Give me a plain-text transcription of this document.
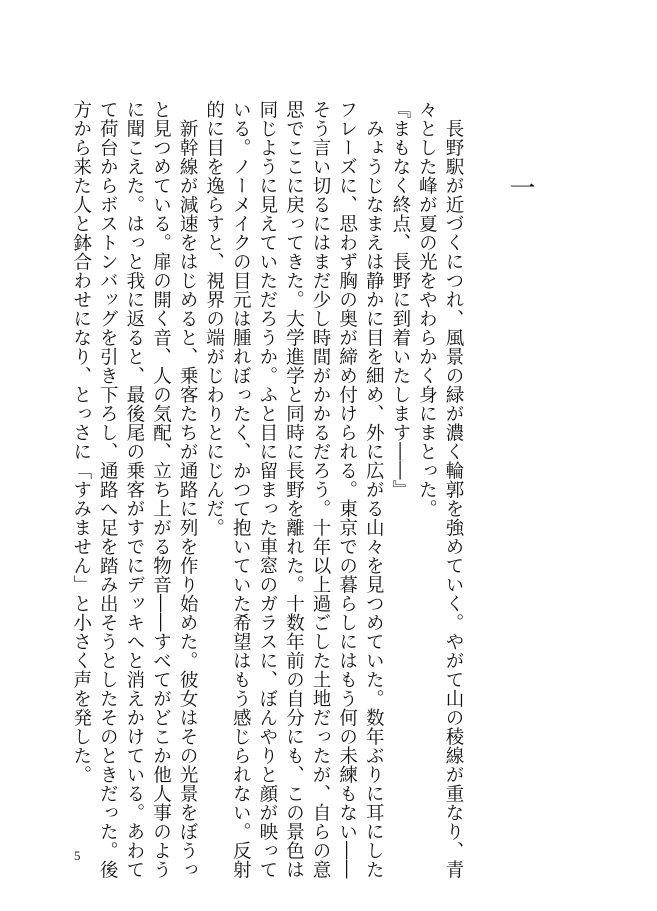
一
　長野駅が近づくにつれ、風景の緑が濃く輪郭を強めていく。やがて山の稜線が重なり、青
々とした峰が夏の光をやわらかく身にまとった。
『まもなく終点、長野に到着いたします――』
　みょうじなまえは静かに目を細め、外に広がる山々を見つめていた。数年ぶりに耳にした
フレーズに、思わず胸の奥が締め付けられる。東京での暮らしにはもう何の未練もない――
そう言い切るにはまだ少し時間がかかるだろう。十年以上過ごした土地だったが、自らの意
思でここに戻ってきた。大学進学と同時に長野を離れた。十数年前の自分にも、この景色は
同じように見えていただろうか。ふと目に留まった車窓のガラスに、ぼんやりと顔が映って
いる。ノーメイクの目元は腫れぼったく、かつて抱いていた希望はもう感じられない。反射
的に目を逸らすと、視界の端がじわりとにじんだ。
　新幹線が減速をはじめると、乗客たちが通路に列を作り始めた。彼女はその光景をぼうっ
と見つめている。扉の開く音、人の気配、立ち上がる物音――すべてがどこか他人事のよう
に聞こえた。はっと我に返ると、最後尾の乗客がすでにデッキへと消えかけている。あわて
て荷台からボストンバッグを引き下ろし、通路へ足を踏み出そうとしたそのときだった。後
方から来た人と鉢合わせになり、とっさに「すみません」と小さく声を発した。
5
